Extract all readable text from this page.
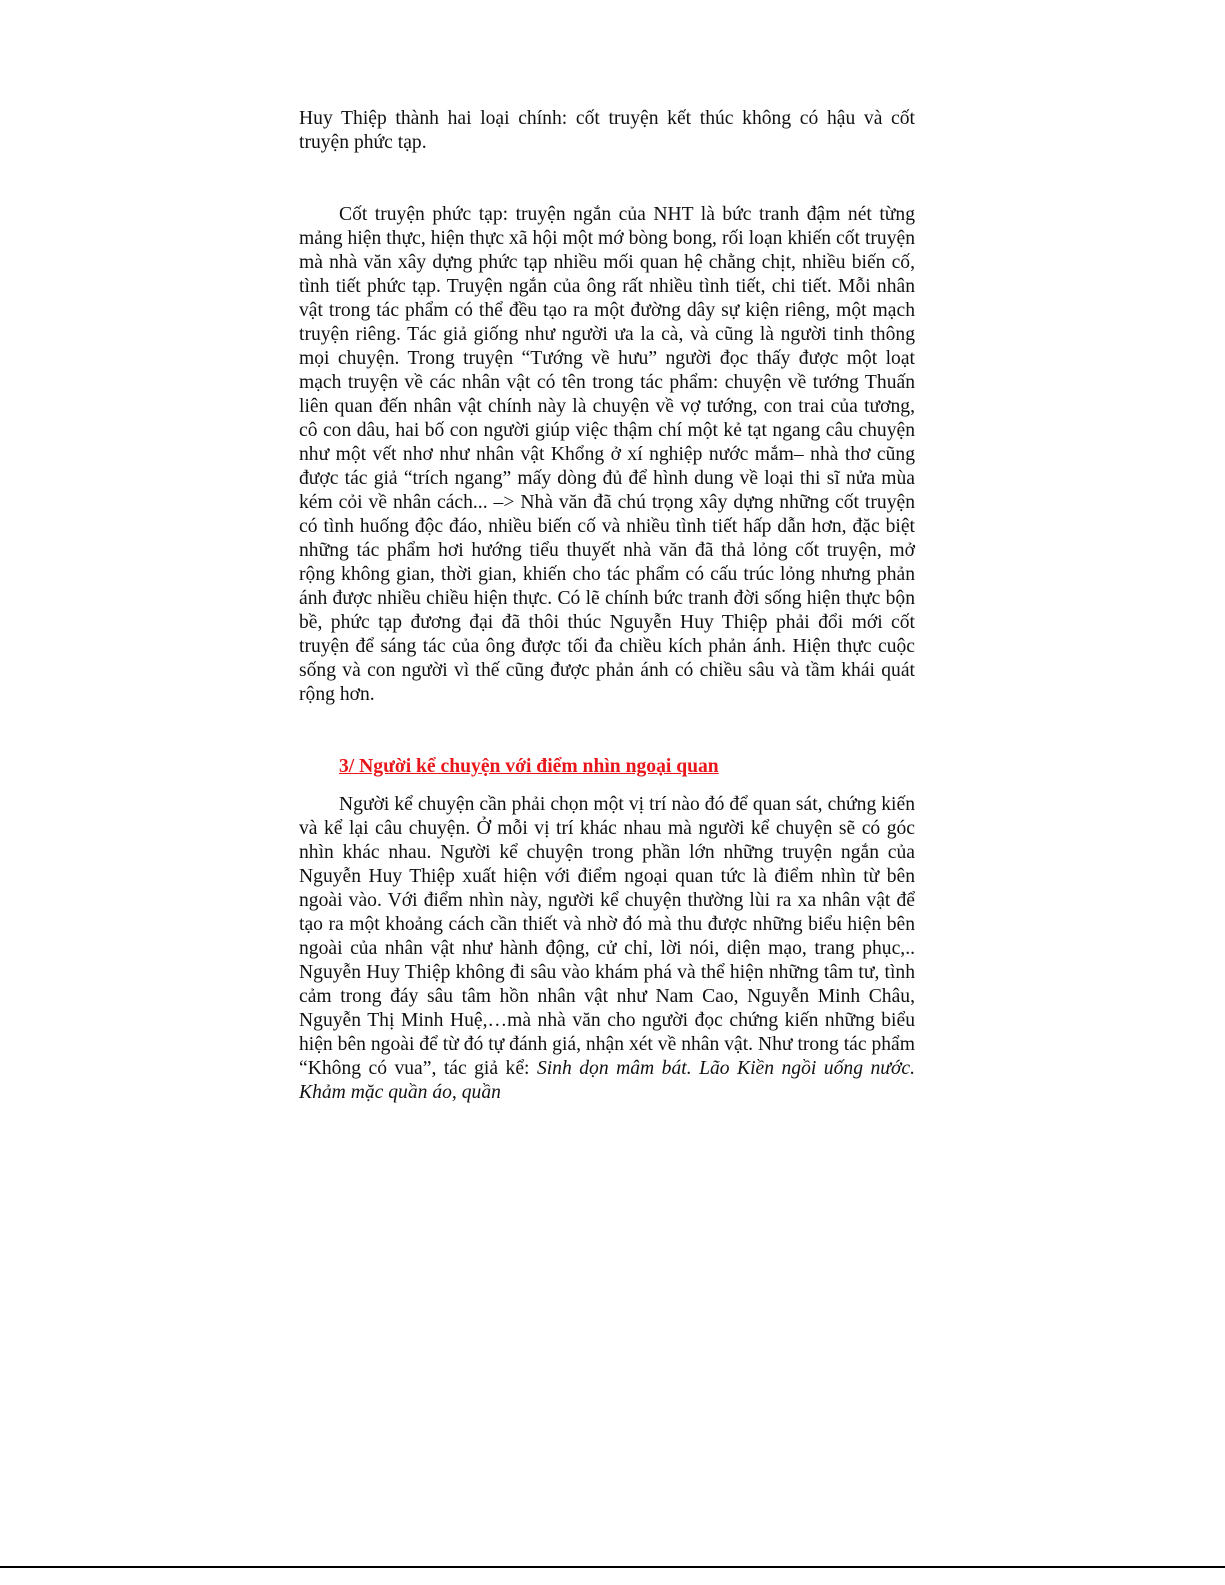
Huy Thiệp thành hai loại chính: cốt truyện kết thúc không có hậu và cốt truyện phức tạp.

Cốt truyện phức tạp: truyện ngắn của NHT là bức tranh đậm nét từng mảng hiện thực, hiện thực xã hội một mớ bòng bong, rối loạn khiến cốt truyện mà nhà văn xây dựng phức tạp nhiều mối quan hệ chằng chịt, nhiều biến cố, tình tiết phức tạp. Truyện ngắn của ông rất nhiều tình tiết, chi tiết. Mỗi nhân vật trong tác phẩm có thể đều tạo ra một đường dây sự kiện riêng, một mạch truyện riêng. Tác giả giống như người ưa la cà, và cũng là người tinh thông mọi chuyện. Trong truyện “Tướng về hưu” người đọc thấy được một loạt mạch truyện về các nhân vật có tên trong tác phẩm: chuyện về tướng Thuấn liên quan đến nhân vật chính này là chuyện về vợ tướng, con trai của tương, cô con dâu, hai bố con người giúp việc thậm chí một kẻ tạt ngang câu chuyện như một vết nhơ như nhân vật Khổng ở xí nghiệp nước mắm– nhà thơ cũng được tác giả “trích ngang” mấy dòng đủ để hình dung về loại thi sĩ nửa mùa kém cỏi về nhân cách... –> Nhà văn đã chú trọng xây dựng những cốt truyện có tình huống độc đáo, nhiều biến cố và nhiều tình tiết hấp dẫn hơn, đặc biệt những tác phẩm hơi hướng tiểu thuyết nhà văn đã thả lỏng cốt truyện, mở rộng không gian, thời gian, khiến cho tác phẩm có cấu trúc lỏng nhưng phản ánh được nhiều chiều hiện thực. Có lẽ chính bức tranh đời sống hiện thực bộn bề, phức tạp đương đại đã thôi thúc Nguyễn Huy Thiệp phải đổi mới cốt truyện để sáng tác của ông được tối đa chiều kích phản ánh. Hiện thực cuộc sống và con người vì thế cũng được phản ánh có chiều sâu và tầm khái quát rộng hơn.

3/ Người kể chuyện với điểm nhìn ngoại quan

Người kể chuyện cần phải chọn một vị trí nào đó để quan sát, chứng kiến và kể lại câu chuyện. Ở mỗi vị trí khác nhau mà người kể chuyện sẽ có góc nhìn khác nhau. Người kể chuyện trong phần lớn những truyện ngắn của Nguyễn Huy Thiệp xuất hiện với điểm ngoại quan tức là điểm nhìn từ bên ngoài vào. Với điểm nhìn này, người kể chuyện thường lùi ra xa nhân vật để tạo ra một khoảng cách cần thiết và nhờ đó mà thu được những biểu hiện bên ngoài của nhân vật như hành động, cử chỉ, lời nói, diện mạo, trang phục,.. Nguyễn Huy Thiệp không đi sâu vào khám phá và thể hiện những tâm tư, tình cảm trong đáy sâu tâm hồn nhân vật như Nam Cao, Nguyễn Minh Châu, Nguyễn Thị Minh Huệ,…mà nhà văn cho người đọc chứng kiến những biểu hiện bên ngoài để từ đó tự đánh giá, nhận xét về nhân vật. Như trong tác phẩm “Không có vua”, tác giả kể: Sinh dọn mâm bát. Lão Kiền ngồi uống nước. Khảm mặc quần áo, quần
